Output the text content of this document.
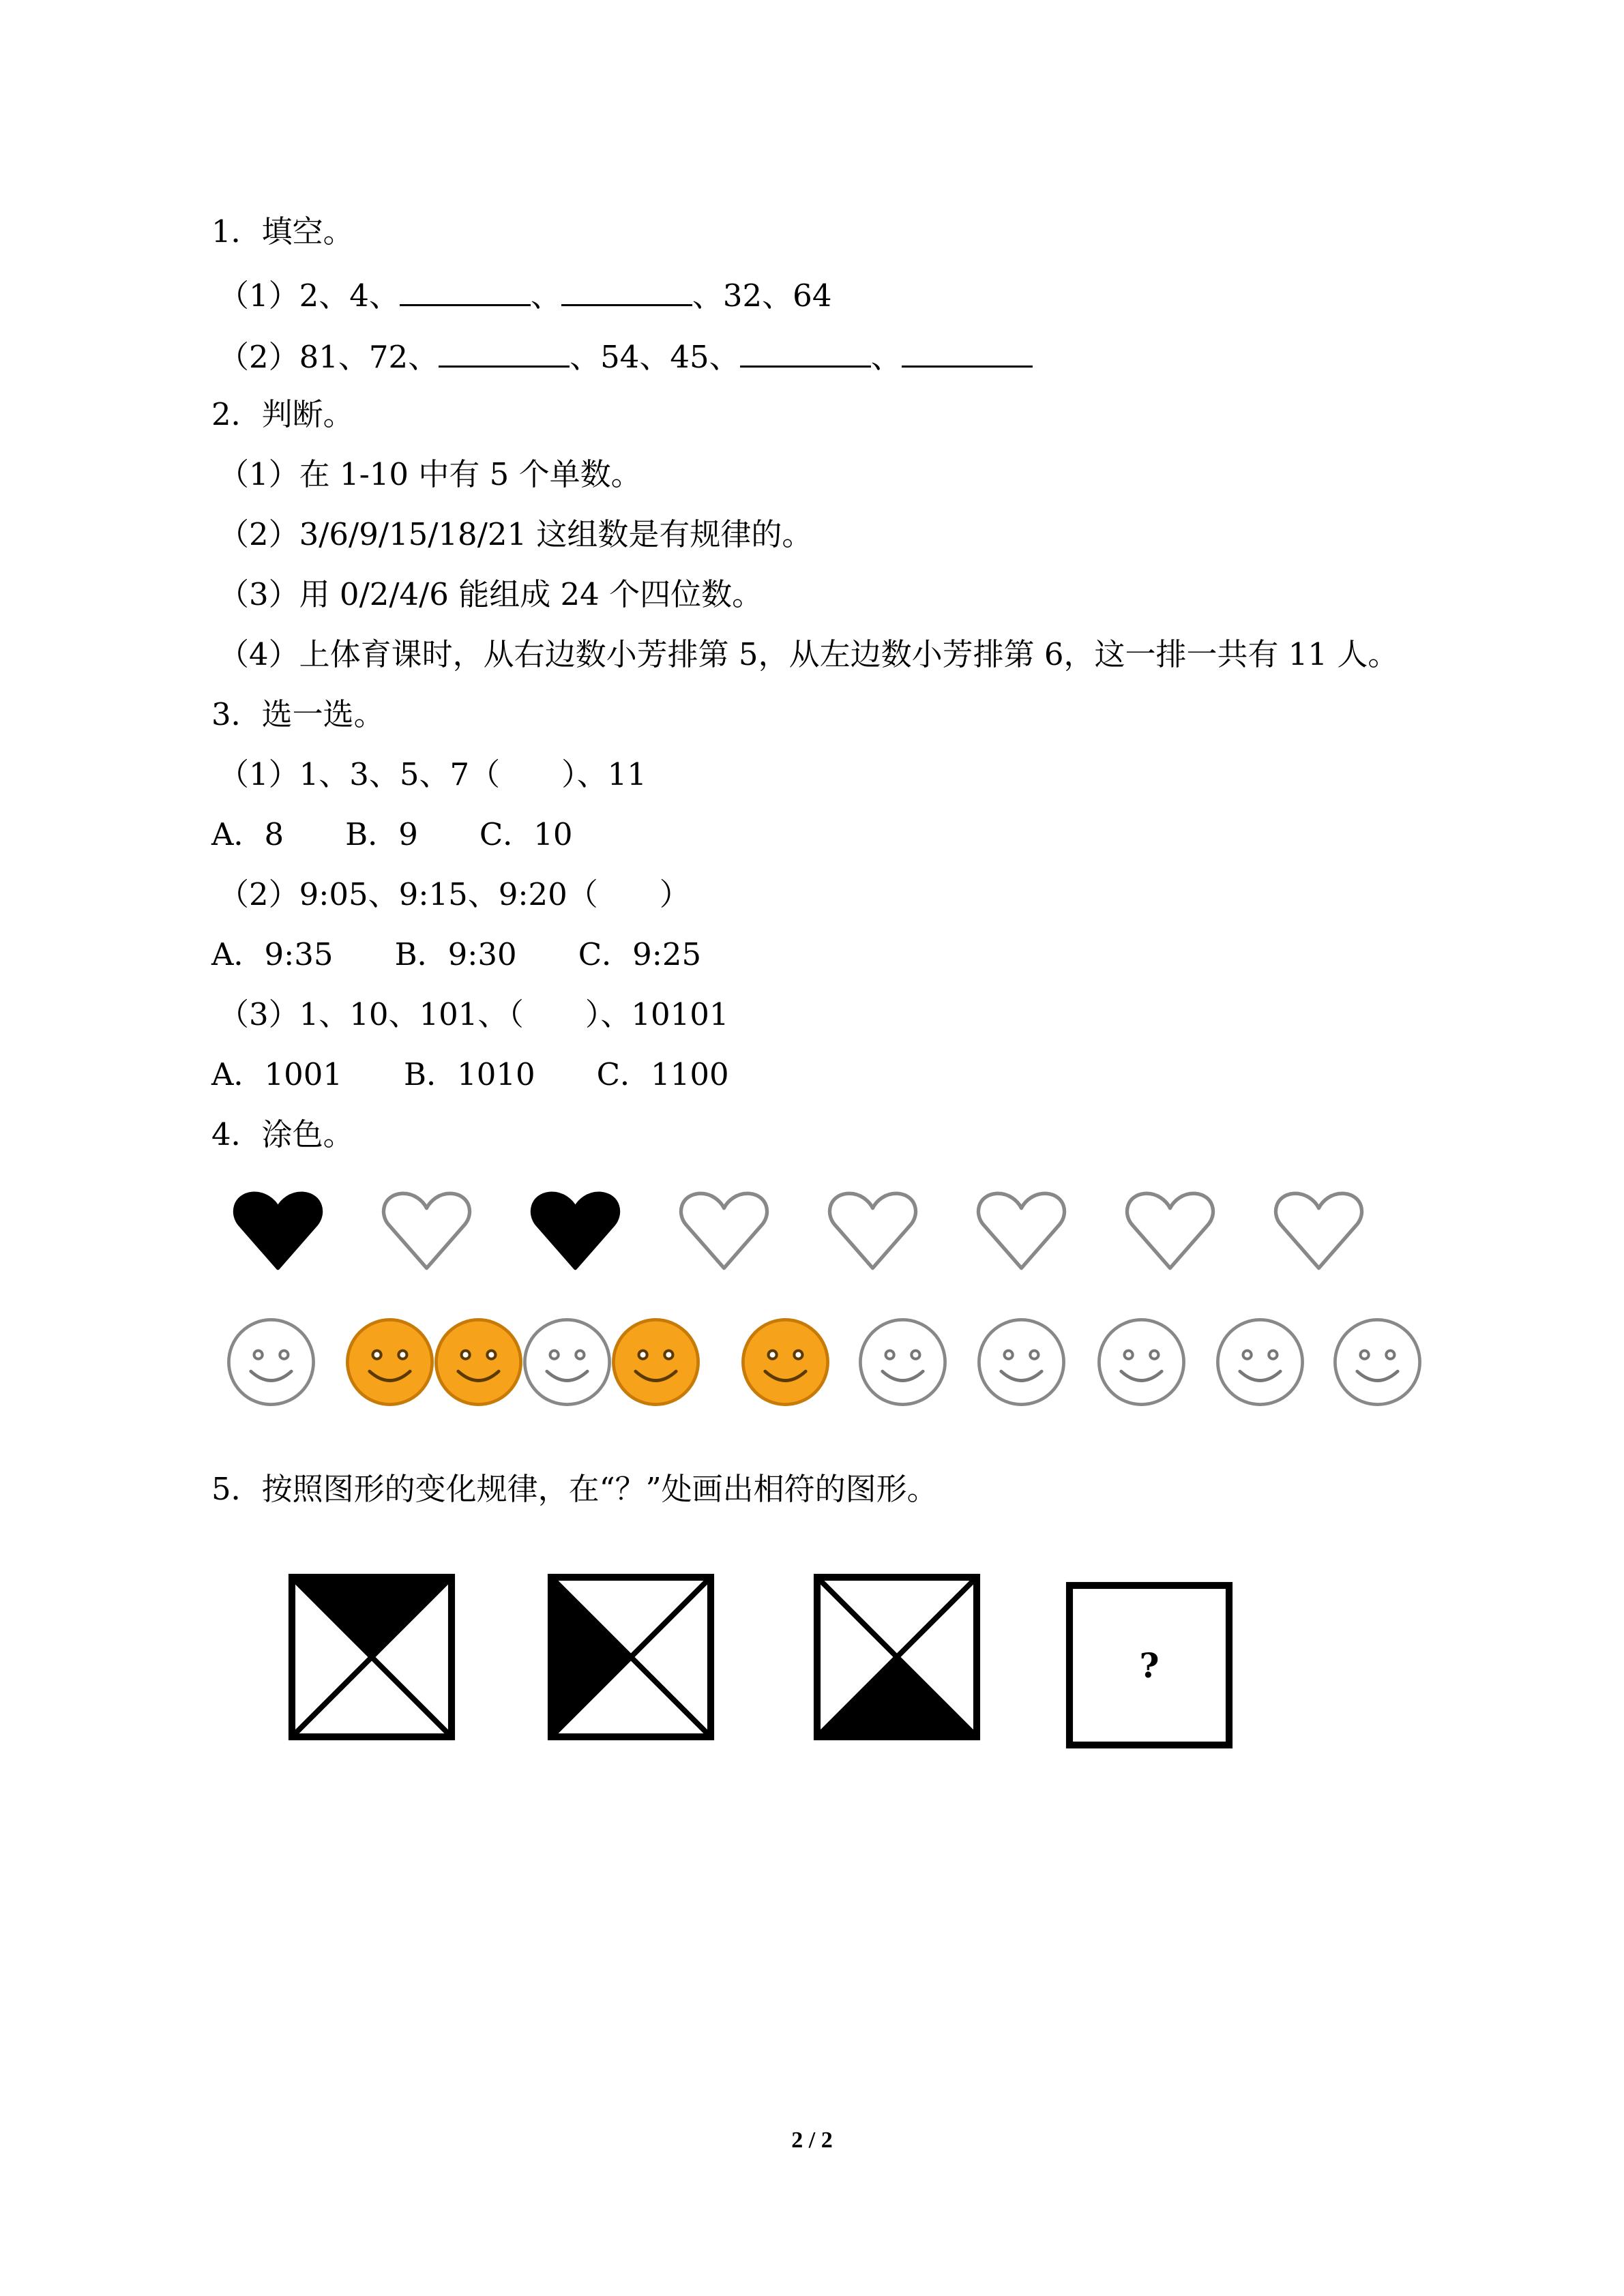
1．填空。

（1）2、4、	、	、32、64

（2）81、72、	、54、45、	、

2．判断。

（1）在 1-10 中有 5 个单数。

（2）3/6/9/15/18/21 这组数是有规律的。

（3）用 0/2/4/6 能组成 24 个四位数。

（4）上体育课时，从右边数小芳排第 5，从左边数小芳排第 6，这一排一共有 11 人。

3．选一选。

（1）1、3、5、7（　　）、11

A．8 B．9 C．10

（2）9:05、9:15、9:20（　　）

A．9:35 B．9:30 C．9:25

（3）1、10、101、（　　）、10101

A．1001 B．1010 C．1100

4．涂色。

5．按照图形的变化规律，在“？”处画出相符的图形。

?
2 / 2
